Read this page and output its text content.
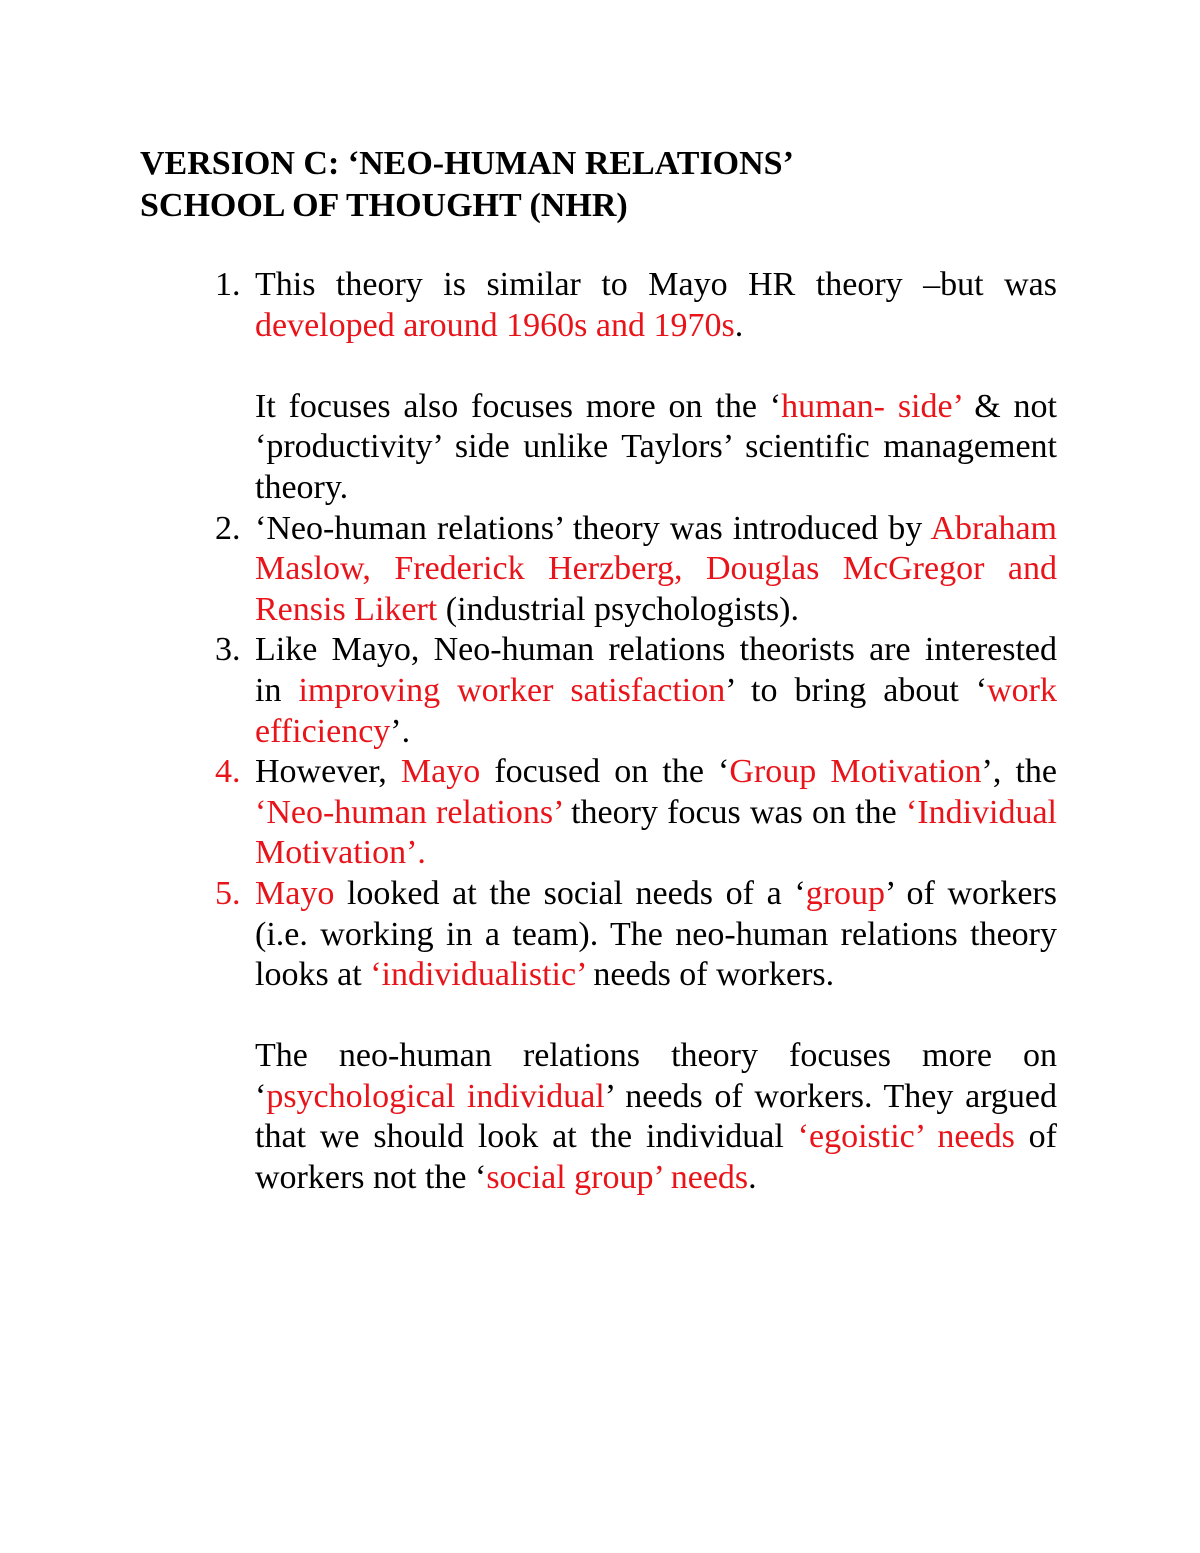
VERSION C: ‘NEO-HUMAN RELATIONS’
SCHOOL OF THOUGHT (NHR)
1. This theory is similar to Mayo HR theory –but was developed around 1960s and 1970s.

It focuses also focuses more on the ‘human- side’ & not ‘productivity’ side unlike Taylors’ scientific management theory.

2. ‘Neo-human relations’ theory was introduced by Abraham Maslow, Frederick Herzberg, Douglas McGregor and Rensis Likert (industrial psychologists).

3. Like Mayo, Neo-human relations theorists are interested in improving worker satisfaction’ to bring about ‘work efficiency’.

4. However, Mayo focused on the ‘Group Motivation’, the ‘Neo-human relations’ theory focus was on the ‘Individual Motivation’.

5. Mayo looked at the social needs of a ‘group’ of workers (i.e. working in a team). The neo-human relations theory looks at ‘individualistic’ needs of workers.

The neo-human relations theory focuses more on ‘psychological individual’ needs of workers. They argued that we should look at the individual ‘egoistic’ needs of workers not the ‘social group’ needs.
